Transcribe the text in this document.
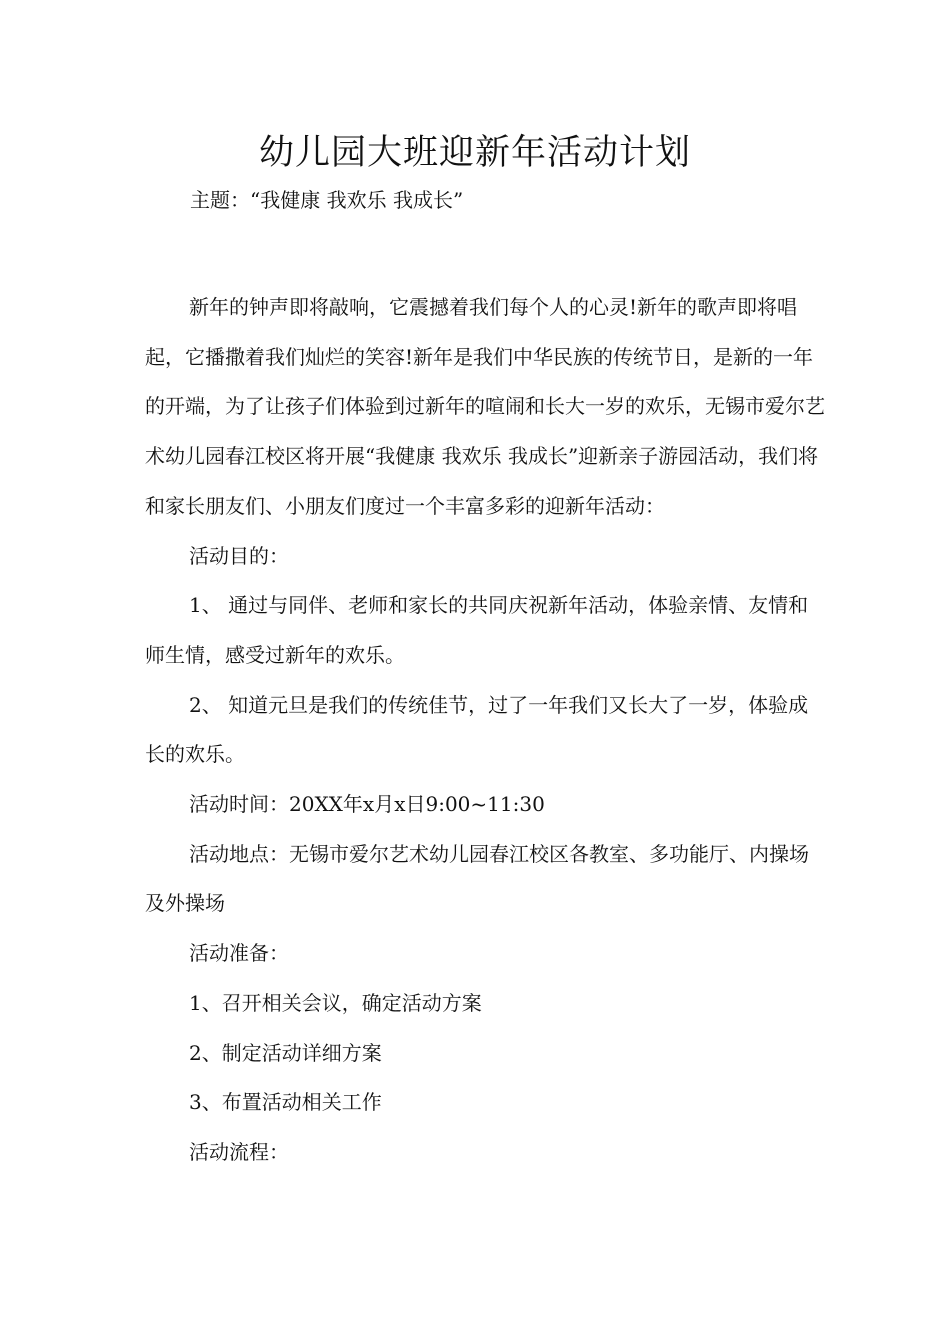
幼儿园大班迎新年活动计划

主题：“我健康 我欢乐 我成长”

新年的钟声即将敲响，它震撼着我们每个人的心灵!新年的歌声即将唱起，它播撒着我们灿烂的笑容!新年是我们中华民族的传统节日，是新的一年的开端，为了让孩子们体验到过新年的喧闹和长大一岁的欢乐，无锡市爱尔艺术幼儿园春江校区将开展“我健康 我欢乐 我成长”迎新亲子游园活动，我们将和家长朋友们、小朋友们度过一个丰富多彩的迎新年活动：

活动目的：

1、 通过与同伴、老师和家长的共同庆祝新年活动，体验亲情、友情和师生情，感受过新年的欢乐。

2、 知道元旦是我们的传统佳节，过了一年我们又长大了一岁，体验成长的欢乐。

活动时间：20XX年x月x日9:00~11:30

活动地点：无锡市爱尔艺术幼儿园春江校区各教室、多功能厅、内操场及外操场

活动准备：

1、召开相关会议，确定活动方案

2、制定活动详细方案

3、布置活动相关工作

活动流程：
